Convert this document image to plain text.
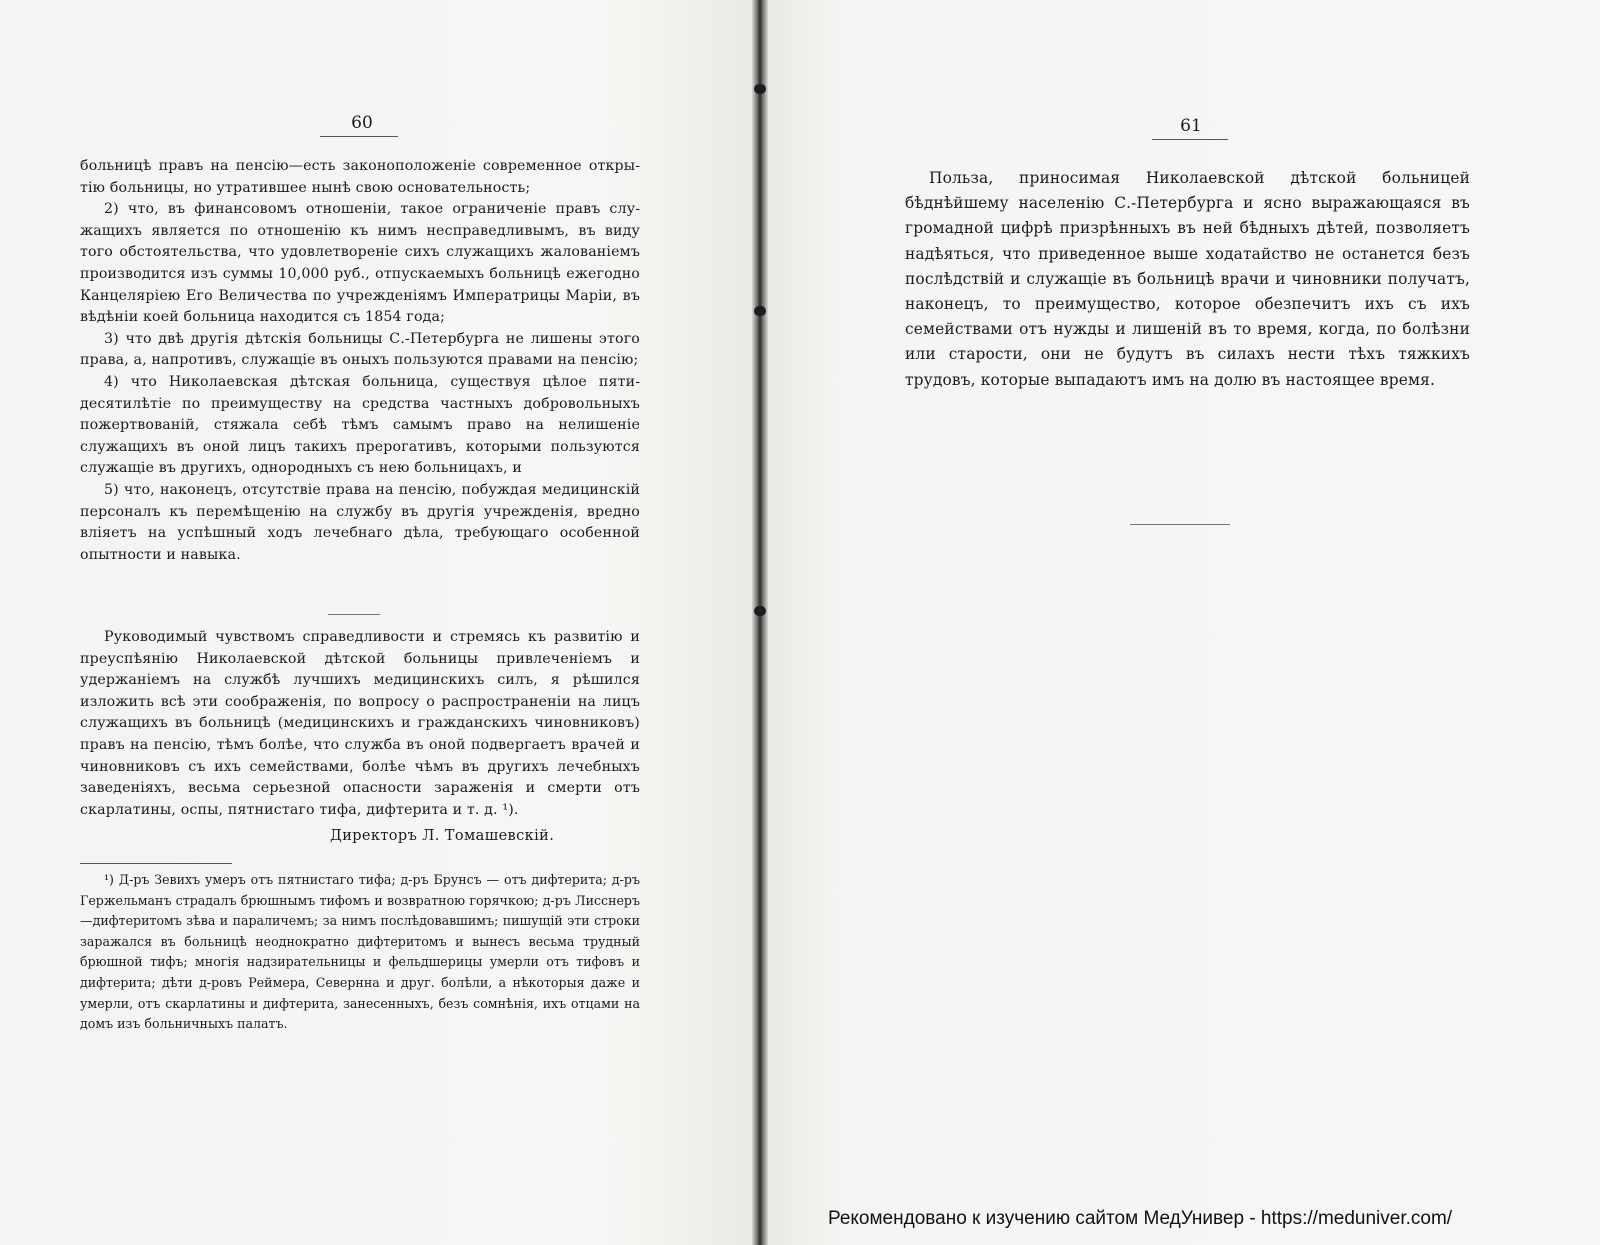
60

больницѣ правъ на пенсію—есть законоположеніе современное открытію больницы, но утратившее нынѣ свою основательность;

2) что, въ финансовомъ отношеніи, такое ограниченіе правъ служащихъ является по отношенію къ нимъ несправедливымъ, въ виду того обстоятельства, что удовлетвореніе сихъ служащихъ жалованіемъ производится изъ суммы 10,000 руб., отпускаемыхъ больницѣ ежегодно Канцеляріею Его Величества по учрежденіямъ Императрицы Маріи, въ вѣдѣніи коей больница находится съ 1854 года;

3) что двѣ другія дѣтскія больницы С.-Петербурга не лишены этого права, а, напротивъ, служащіе въ оныхъ пользуются правами на пенсію;

4) что Николаевская дѣтская больница, существуя цѣлое пятидесятилѣтіе по преимуществу на средства частныхъ добровольныхъ пожертвованій, стяжала себѣ тѣмъ самымъ право на нелишеніе служащихъ въ оной лицъ такихъ прерогативъ, которыми пользуются служащіе въ другихъ, однородныхъ съ нею больницахъ, и

5) что, наконецъ, отсутствіе права на пенсію, побуждая медицинскій персоналъ къ перемѣщенію на службу въ другія учрежденія, вредно вліяетъ на успѣшный ходъ лечебнаго дѣла, требующаго особенной опытности и навыка.

Руководимый чувствомъ справедливости и стремясь къ развитію и преуспѣянію Николаевской дѣтской больницы привлеченіемъ и удержаніемъ на службѣ лучшихъ медицинскихъ силъ, я рѣшился изложить всѣ эти соображенія, по вопросу о распространеніи на лицъ служащихъ въ больницѣ (медицинскихъ и гражданскихъ чиновниковъ) правъ на пенсію, тѣмъ болѣе, что служба въ оной подвергаетъ врачей и чиновниковъ съ ихъ семействами, болѣе чѣмъ въ другихъ лечебныхъ заведеніяхъ, весьма серьезной опасности зараженія и смерти отъ скарлатины, оспы, пятнистаго тифа, дифтерита и т. д. ¹).

Директоръ Л. Томашевскій.

¹) Д-ръ Зевихъ умеръ отъ пятнистаго тифа; д-ръ Брунсъ — отъ дифтерита; д-ръ Гержельманъ страдалъ брюшнымъ тифомъ и возвратною горячкою; д-ръ Лисснеръ—дифтеритомъ зѣва и параличемъ; за нимъ послѣдовавшимъ; пишущій эти строки заражался въ больницѣ неоднократно дифтеритомъ и вынесъ весьма трудный брюшной тифъ; многія надзирательницы и фельдшерицы умерли отъ тифовъ и дифтерита; дѣти д-ровъ Реймера, Севернна и друг. болѣли, а нѣкоторыя даже и умерли, отъ скарлатины и дифтерита, занесенныхъ, безъ сомнѣнія, ихъ отцами на домъ изъ больничныхъ палатъ.

61

Польза, приносимая Николаевской дѣтской больницей бѣднѣйшему населенію С.-Петербурга и ясно выражающаяся въ громадной цифрѣ призрѣнныхъ въ ней бѣдныхъ дѣтей, позволяетъ надѣяться, что приведенное выше ходатайство не останется безъ послѣдствій и служащіе въ больницѣ врачи и чиновники получатъ, наконецъ, то преимущество, которое обезпечитъ ихъ съ ихъ семействами отъ нужды и лишеній въ то время, когда, по болѣзни или старости, они не будутъ въ силахъ нести тѣхъ тяжкихъ трудовъ, которые выпадаютъ имъ на долю въ настоящее время.

Рекомендовано к изучению сайтом МедУнивер - https://meduniver.com/
